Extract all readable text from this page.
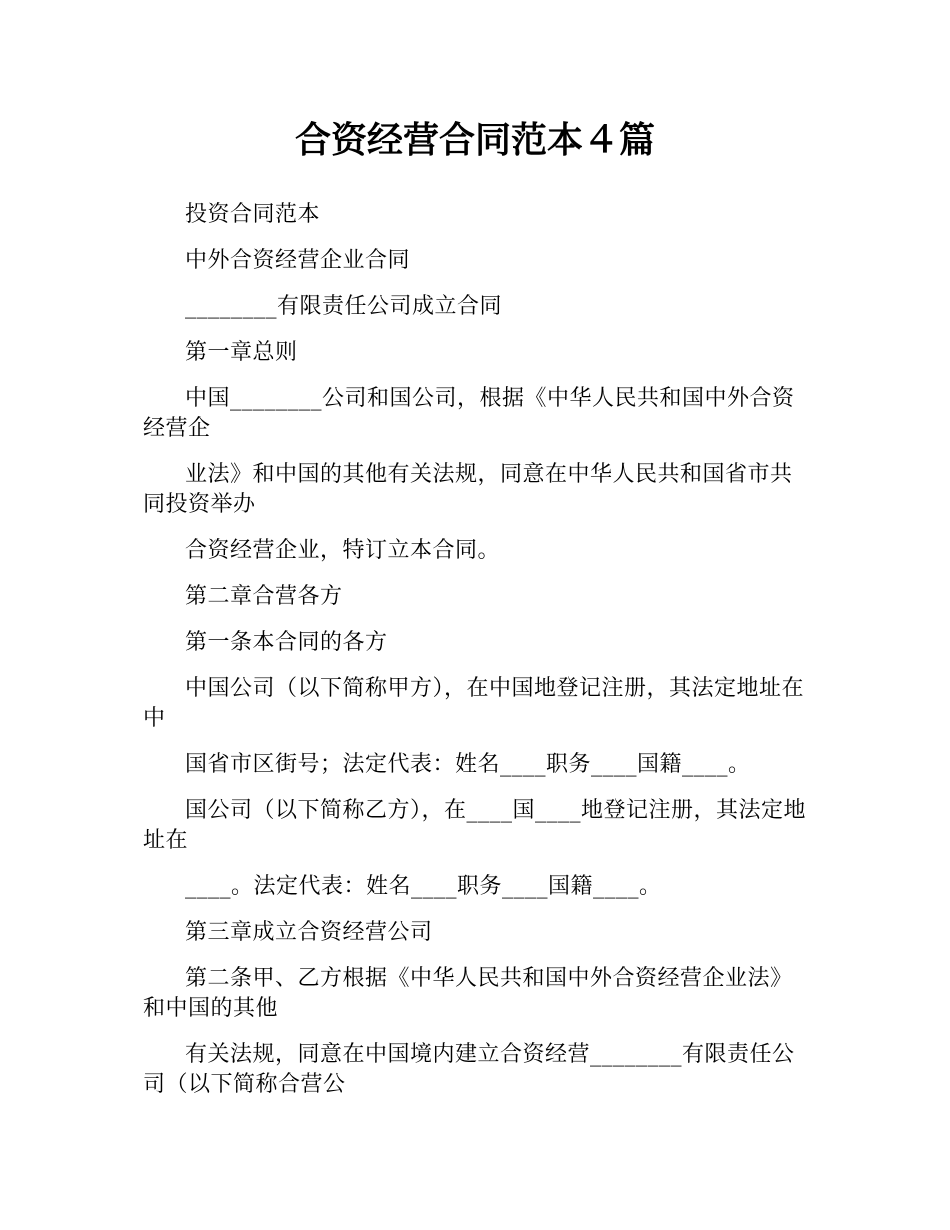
合资经营合同范本４篇

投资合同范本

中外合资经营企业合同

________有限责任公司成立合同

第一章总则

中国________公司和国公司，根据《中华人民共和国中外合资经营企

业法》和中国的其他有关法规，同意在中华人民共和国省市共同投资举办

合资经营企业，特订立本合同。

第二章合营各方

第一条本合同的各方

中国公司（以下简称甲方），在中国地登记注册，其法定地址在中

国省市区街号；法定代表：姓名____职务____国籍____。

国公司（以下简称乙方），在____国____地登记注册，其法定地址在

____。法定代表：姓名____职务____国籍____。

第三章成立合资经营公司

第二条甲、乙方根据《中华人民共和国中外合资经营企业法》和中国的其他

有关法规，同意在中国境内建立合资经营________有限责任公司（以下简称合营公
